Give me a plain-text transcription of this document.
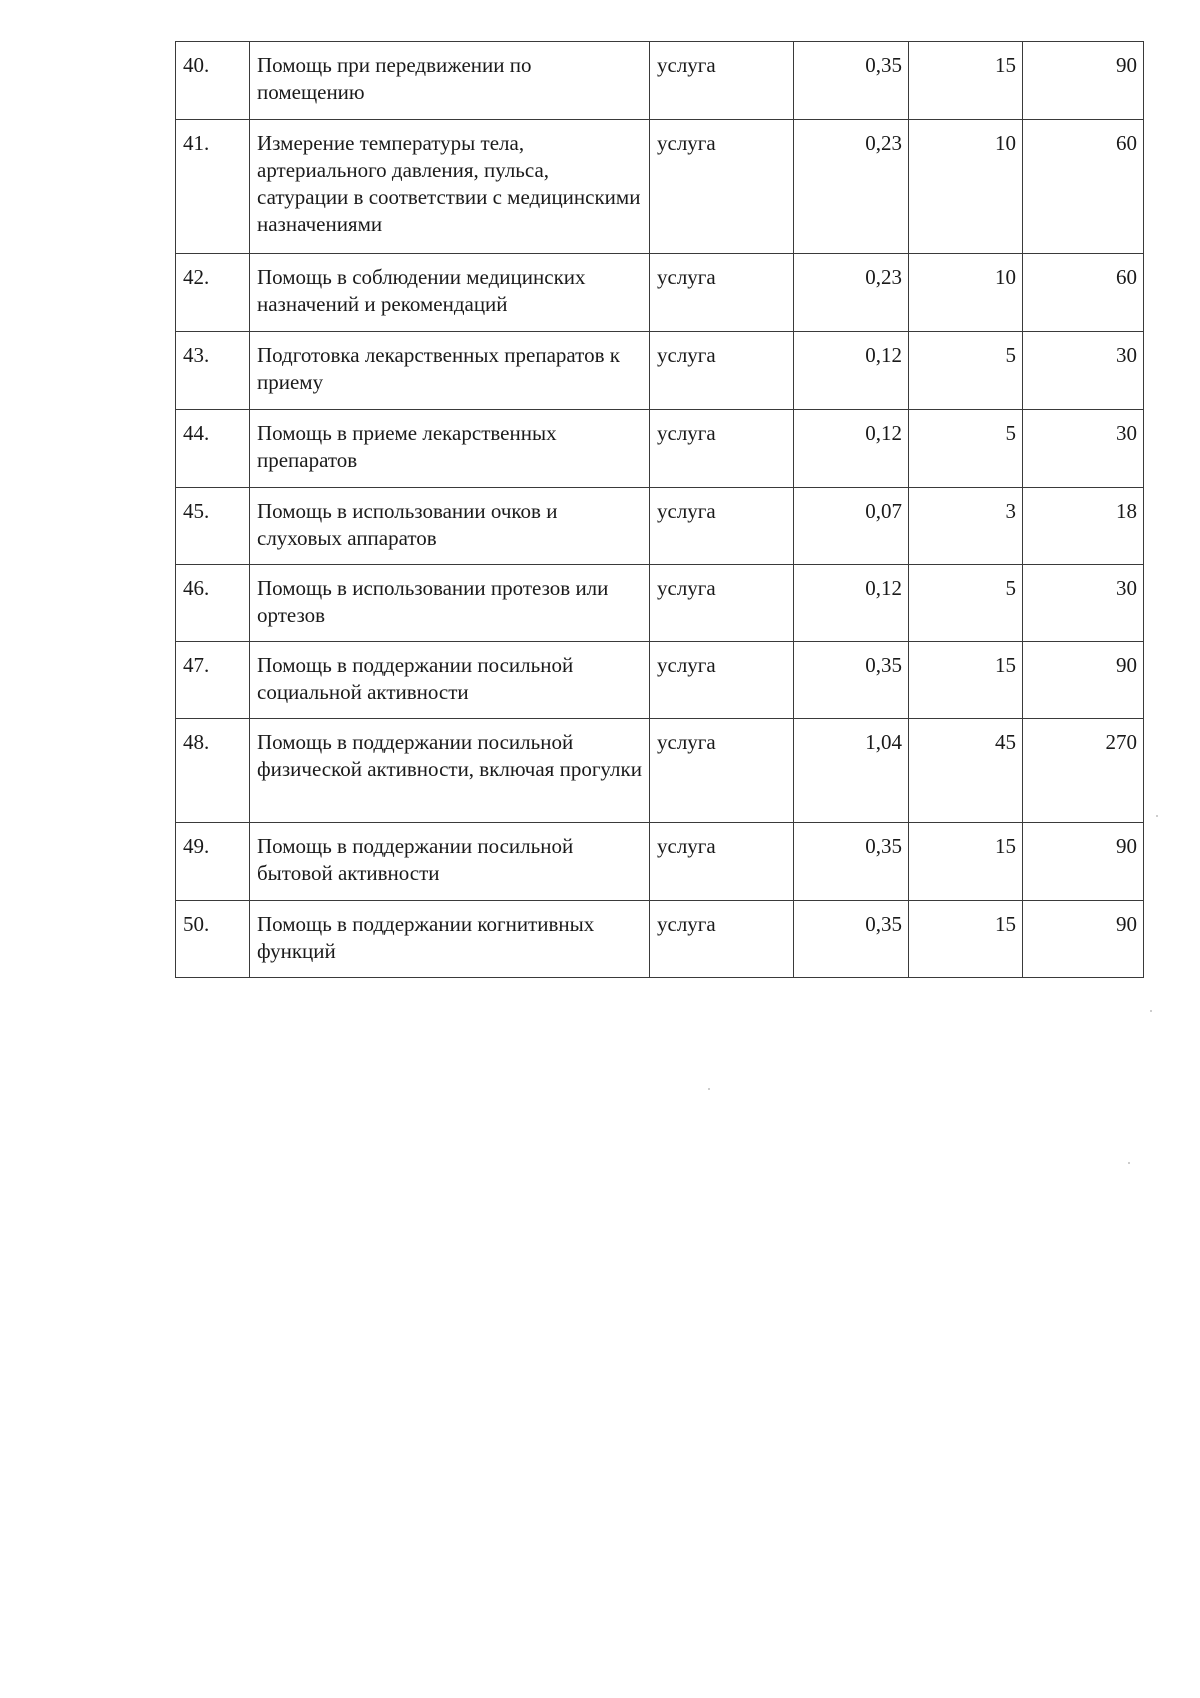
40.	Помощь при передвижении по помещению	услуга	0,35	15	90
41.	Измерение температуры тела, артериального давления, пульса, сатурации в соответствии с медицинскими назначениями	услуга	0,23	10	60
42.	Помощь в соблюдении медицинских назначений и рекомендаций	услуга	0,23	10	60
43.	Подготовка лекарственных препаратов к приему	услуга	0,12	5	30
44.	Помощь в приеме лекарственных препаратов	услуга	0,12	5	30
45.	Помощь в использовании очков и слуховых аппаратов	услуга	0,07	3	18
46.	Помощь в использовании протезов или ортезов	услуга	0,12	5	30
47.	Помощь в поддержании посильной социальной активности	услуга	0,35	15	90
48.	Помощь в поддержании посильной физической активности, включая прогулки	услуга	1,04	45	270
49.	Помощь в поддержании посильной бытовой активности	услуга	0,35	15	90
50.	Помощь в поддержании когнитивных функций	услуга	0,35	15	90
